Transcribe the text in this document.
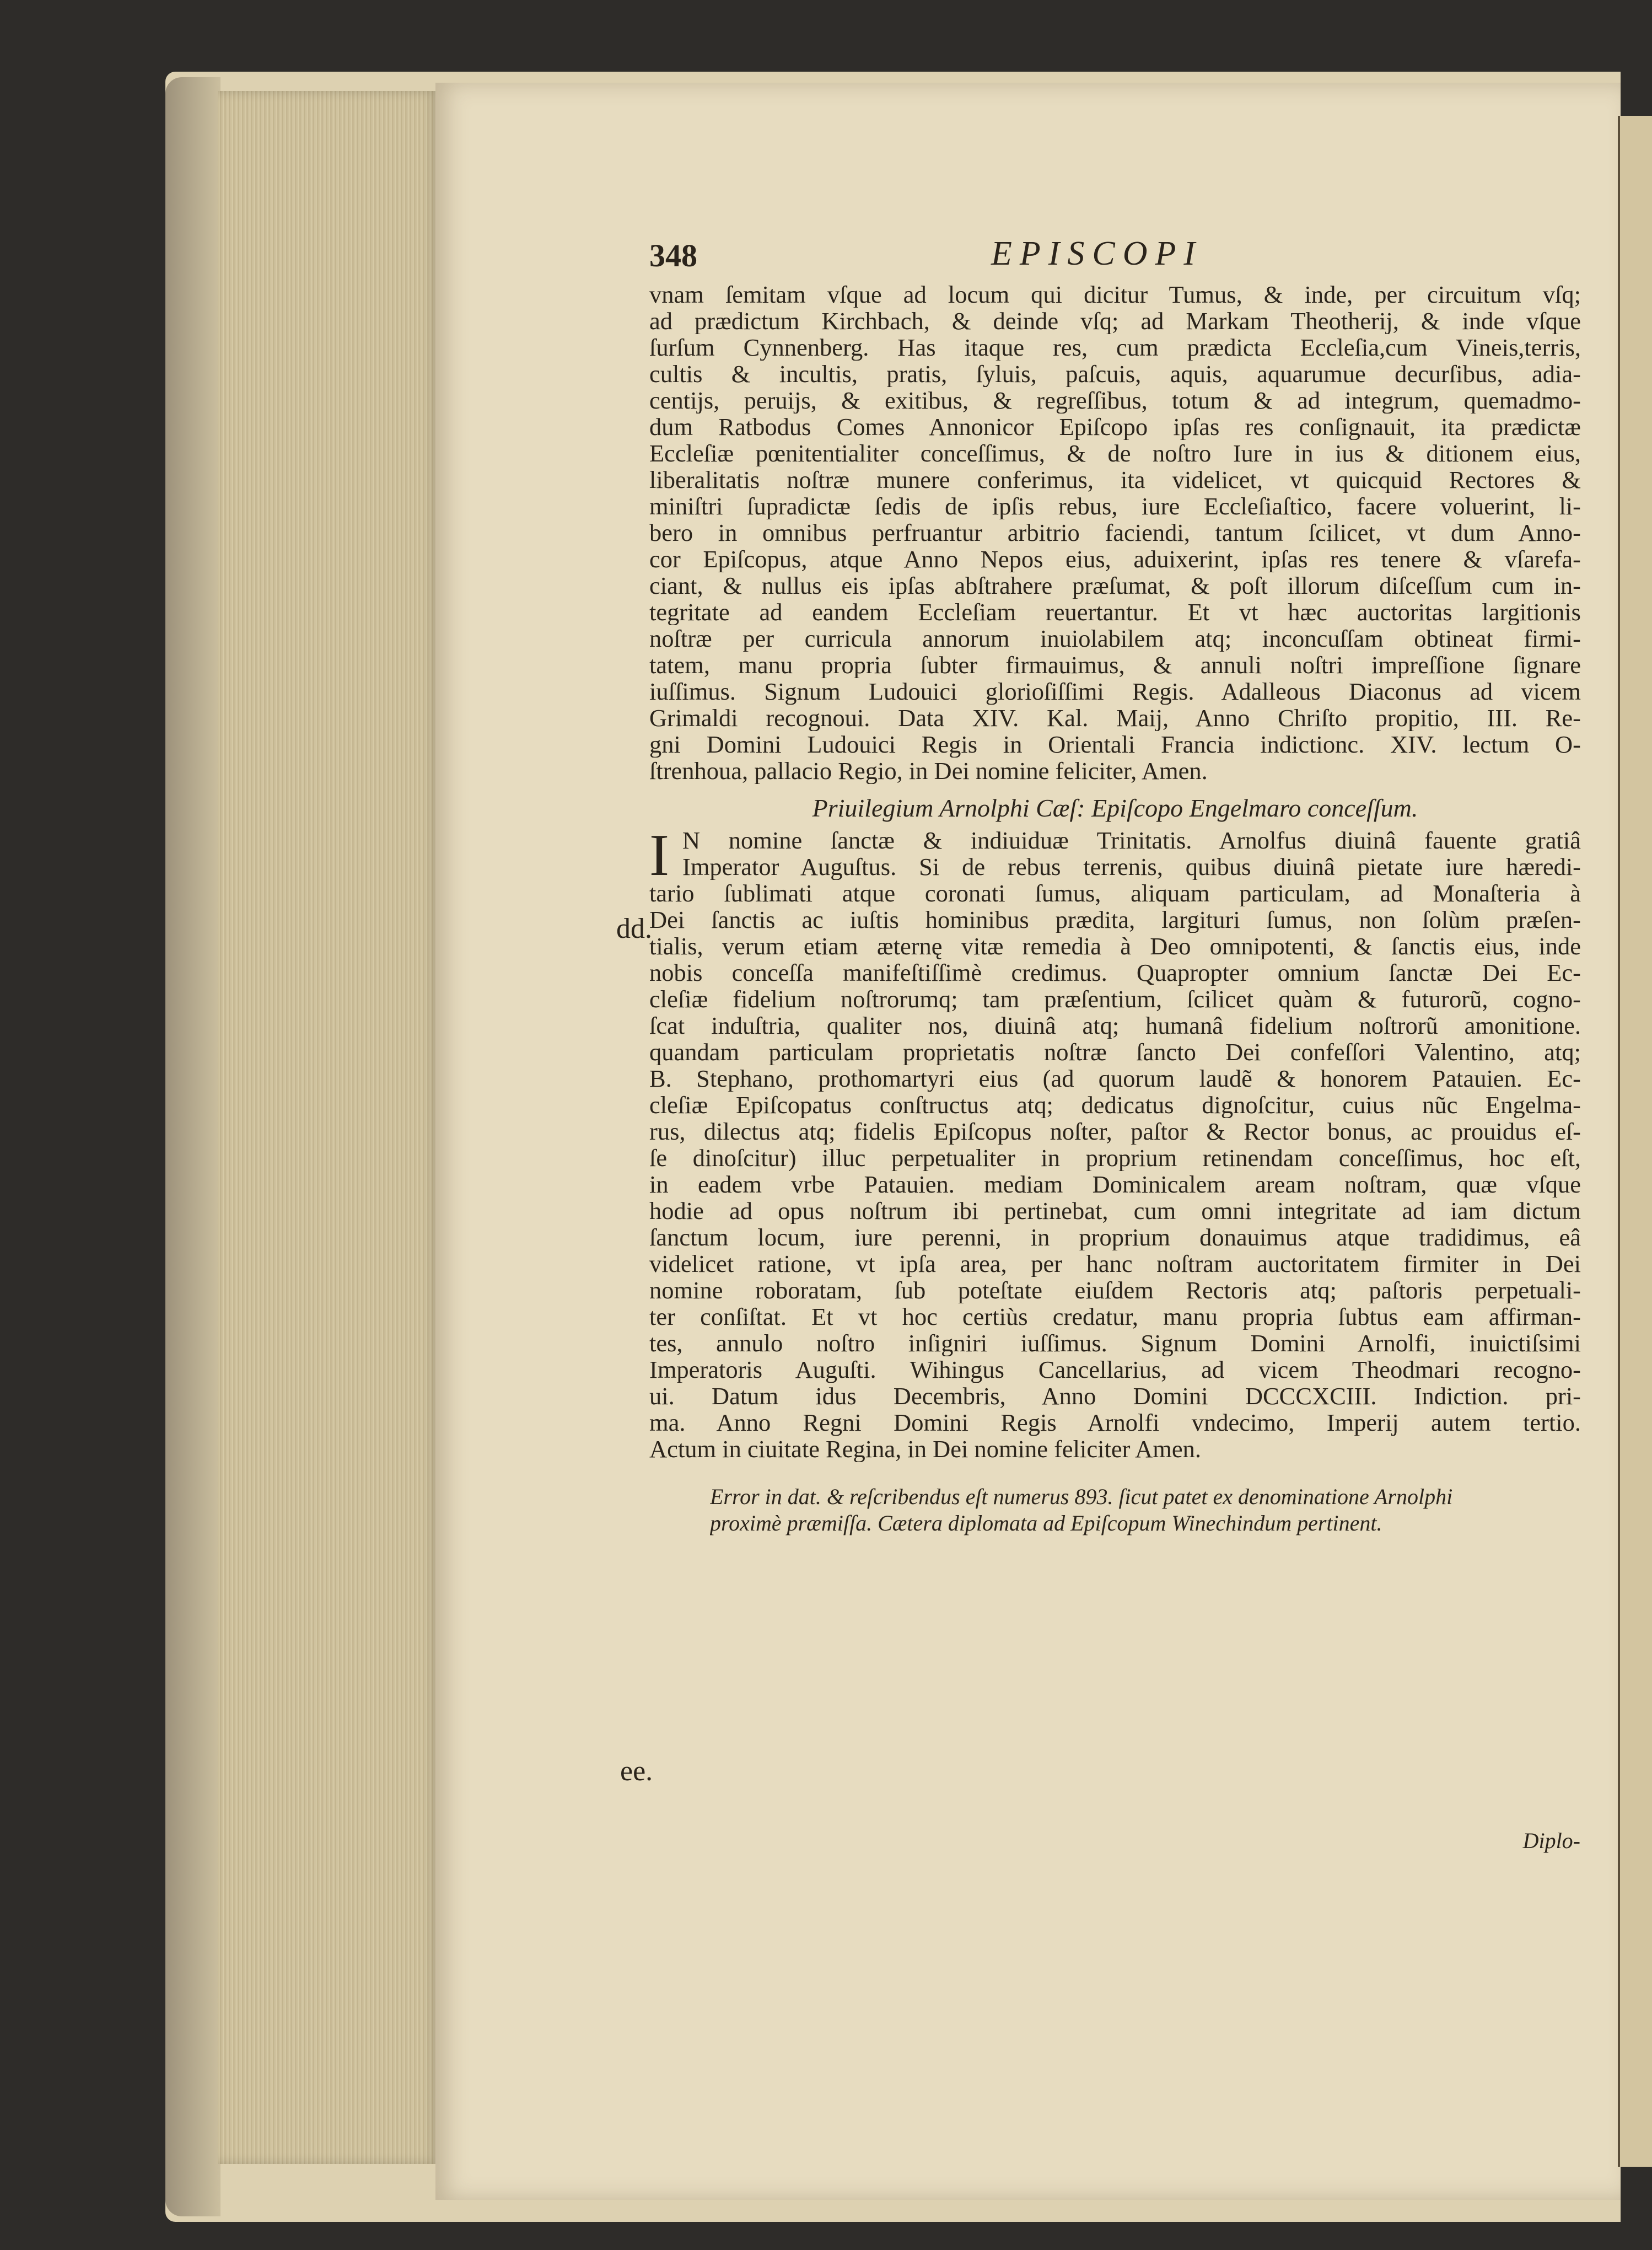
348	EPISCOPI
vnam ſemitam vſque ad locum qui dicitur Tumus, & inde, per circuitum vſq;
ad prædictum Kirchbach, & deinde vſq; ad Markam Theotherij, & inde vſque
ſurſum Cynnenberg. Has itaque res, cum prædicta Eccleſia,cum Vineis,terris,
cultis & incultis, pratis, ſyluis, paſcuis, aquis, aquarumue decurſibus, adia-
centijs, peruijs, & exitibus, & regreſſibus, totum & ad integrum, quemadmo-
dum Ratbodus Comes Annonicor Epiſcopo ipſas res conſignauit, ita prædictæ
Eccleſiæ pœnitentialiter conceſſimus, & de noſtro Iure in ius & ditionem eius,
liberalitatis noſtræ munere conferimus, ita videlicet, vt quicquid Rectores &
miniſtri ſupradictæ ſedis de ipſis rebus, iure Eccleſiaſtico, facere voluerint, li-
bero in omnibus perfruantur arbitrio faciendi, tantum ſcilicet, vt dum Anno-
cor Epiſcopus, atque Anno Nepos eius, aduixerint, ipſas res tenere & vſarefa-
ciant, & nullus eis ipſas abſtrahere præſumat, & poſt illorum diſceſſum cum in-
tegritate ad eandem Eccleſiam reuertantur. Et vt hæc auctoritas largitionis
noſtræ per curricula annorum inuiolabilem atq; inconcuſſam obtineat firmi-
tatem, manu propria ſubter firmauimus, & annuli noſtri impreſſione ſignare
iuſſimus. Signum Ludouici glorioſiſſimi Regis. Adalleous Diaconus ad vicem
Grimaldi recognoui. Data XIV. Kal. Maij, Anno Chriſto propitio, III. Re-
gni Domini Ludouici Regis in Orientali Francia indictionc. XIV. lectum O-
ſtrenhoua, pallacio Regio, in Dei nomine feliciter, Amen.
Priuilegium Arnolphi Cæſ: Epiſcopo Engelmaro conceſſum.
I N nomine ſanctæ & indiuiduæ Trinitatis. Arnolfus diuinâ fauente gratiâ
Imperator Auguſtus. Si de rebus terrenis, quibus diuinâ pietate iure hæredi-
tario ſublimati atque coronati ſumus, aliquam particulam, ad Monaſteria à
Dei ſanctis ac iuſtis hominibus prædita, largituri ſumus, non ſolùm præſen-
tialis, verum etiam æternę vitæ remedia à Deo omnipotenti, & ſanctis eius, inde
nobis conceſſa manifeſtiſſimè credimus. Quapropter omnium ſanctæ Dei Ec-
cleſiæ fidelium noſtrorumq; tam præſentium, ſcilicet quàm & futurorũ, cogno-
ſcat induſtria, qualiter nos, diuinâ atq; humanâ fidelium noſtrorũ amonitione.
quandam particulam proprietatis noſtræ ſancto Dei confeſſori Valentino, atq;
B. Stephano, prothomartyri eius (ad quorum laudẽ & honorem Patauien. Ec-
cleſiæ Epiſcopatus conſtructus atq; dedicatus dignoſcitur, cuius nũc Engelma-
rus, dilectus atq; fidelis Epiſcopus noſter, paſtor & Rector bonus, ac prouidus eſ-
ſe dinoſcitur) illuc perpetualiter in proprium retinendam conceſſimus, hoc eſt,
in eadem vrbe Patauien. mediam Dominicalem aream noſtram, quæ vſque
hodie ad opus noſtrum ibi pertinebat, cum omni integritate ad iam dictum
ſanctum locum, iure perenni, in proprium donauimus atque tradidimus, eâ
videlicet ratione, vt ipſa area, per hanc noſtram auctoritatem firmiter in Dei
nomine roboratam, ſub poteſtate eiuſdem Rectoris atq; paſtoris perpetuali-
ter conſiſtat. Et vt hoc certiùs credatur, manu propria ſubtus eam affirman-
tes, annulo noſtro inſigniri iuſſimus. Signum Domini Arnolfi, inuictiſsimi
Imperatoris Auguſti. Wihingus Cancellarius, ad vicem Theodmari recogno-
ui. Datum idus Decembris, Anno Domini DCCCXCIII. Indiction. pri-
ma. Anno Regni Domini Regis Arnolfi vndecimo, Imperij autem tertio.
Actum in ciuitate Regina, in Dei nomine feliciter Amen.
Error in dat. & reſcribendus eſt numerus 893. ſicut patet ex denominatione Arnolphi
proximè præmiſſa. Cætera diplomata ad Epiſcopum Winechindum pertinent.
dd.
ee.
Diplo-
